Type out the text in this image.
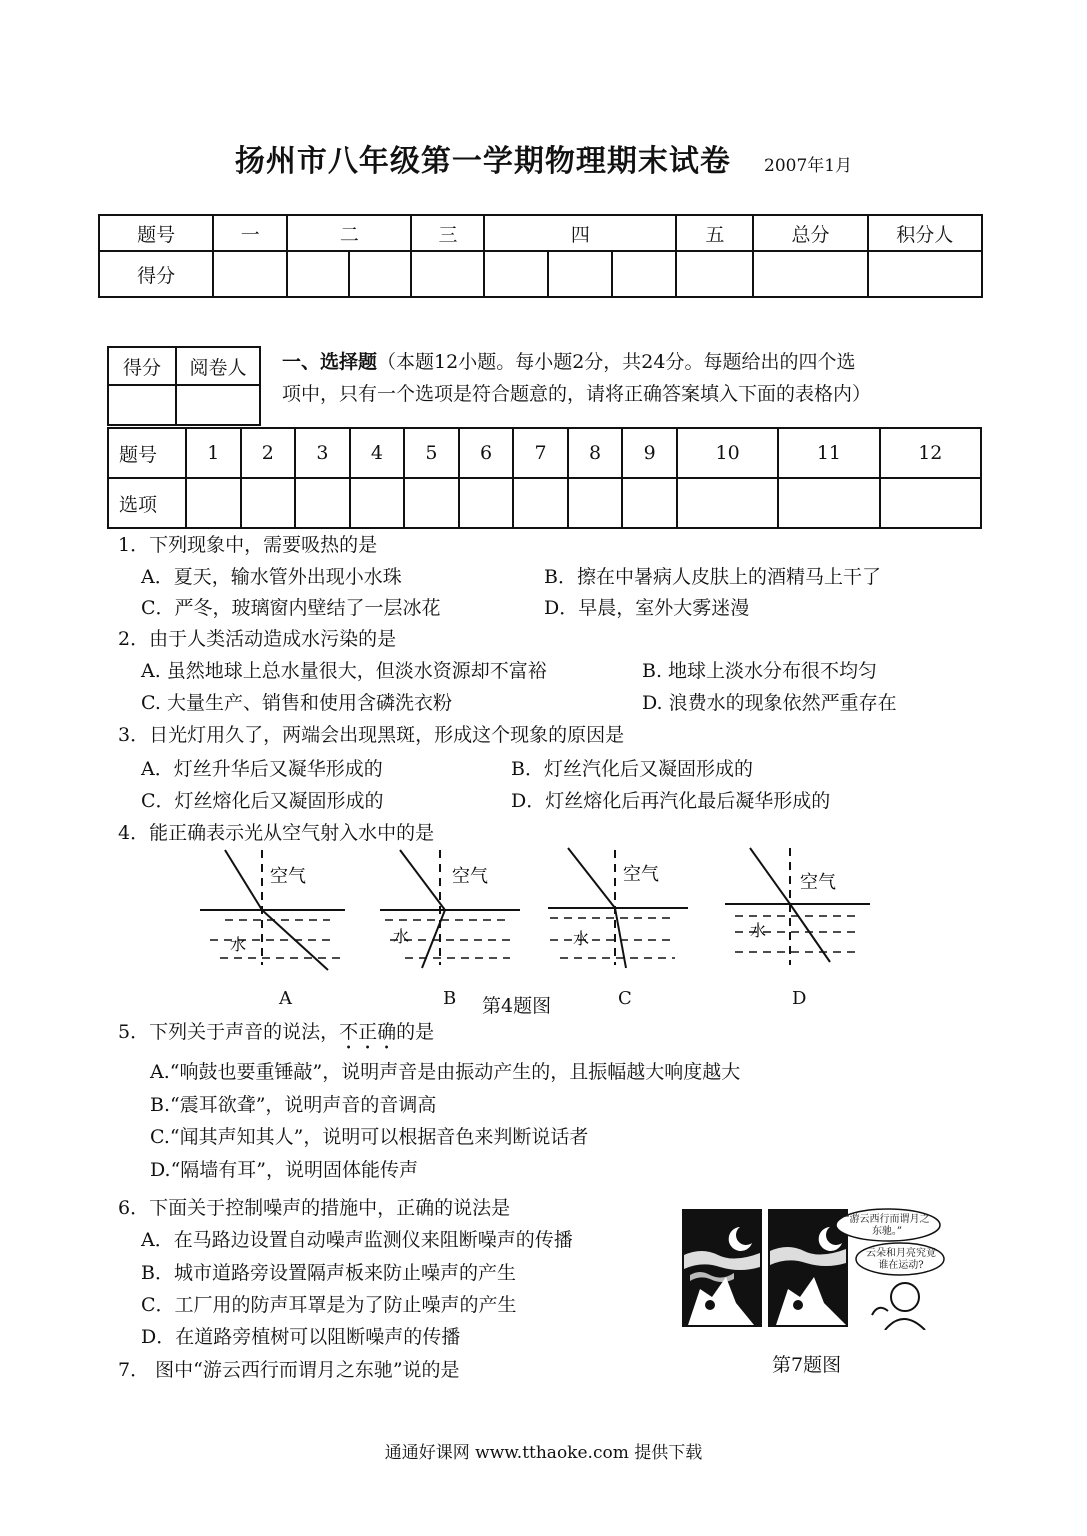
扬州市八年级第一学期物理期末试卷 2007年1月
题号	一	二		三	四			五	总分	积分人
得分										
得分	阅卷人
	一、选择题（本题12小题。每小题2分，共24分。每题给出的四个选
项中，只有一个选项是符合题意的，请将正确答案填入下面的表格内）
题号	1	2	3	4	5	6	7	8	9	10	11	12
选项												
1．下列现象中，需要吸热的是
A．夏天，输水管外出现小水珠	B．擦在中暑病人皮肤上的酒精马上干了
C．严冬，玻璃窗内壁结了一层冰花	D．早晨，室外大雾迷漫
2．由于人类活动造成水污染的是
A. 虽然地球上总水量很大，但淡水资源却不富裕	B. 地球上淡水分布很不均匀
C. 大量生产、销售和使用含磷洗衣粉	D. 浪费水的现象依然严重存在
3．日光灯用久了，两端会出现黑斑，形成这个现象的原因是
A．灯丝升华后又凝华形成的	B．灯丝汽化后又凝固形成的
C．灯丝熔化后又凝固形成的	D．灯丝熔化后再汽化最后凝华形成的
4．能正确表示光从空气射入水中的是
空气
水
空气
水
空气
水
空气
水
A	B 第4题图	C	D
5．下列关于声音的说法，不正确的是
A.“响鼓也要重锤敲”，说明声音是由振动产生的，且振幅越大响度越大
B.“震耳欲聋”，说明声音的音调高
C.“闻其声知其人”，说明可以根据音色来判断说话者
D.“隔墙有耳”，说明固体能传声
6．下面关于控制噪声的措施中，正确的说法是
A．在马路边设置自动噪声监测仪来阻断噪声的传播
B．城市道路旁设置隔声板来防止噪声的产生
C．工厂用的防声耳罩是为了防止噪声的产生
D．在道路旁植树可以阻断噪声的传播
7． 图中“游云西行而谓月之东驰”说的是
“游云西行而谓月之东驰。”
云朵和月亮究竟谁在运动?
第7题图
通通好课网 www.tthaoke.com 提供下载
